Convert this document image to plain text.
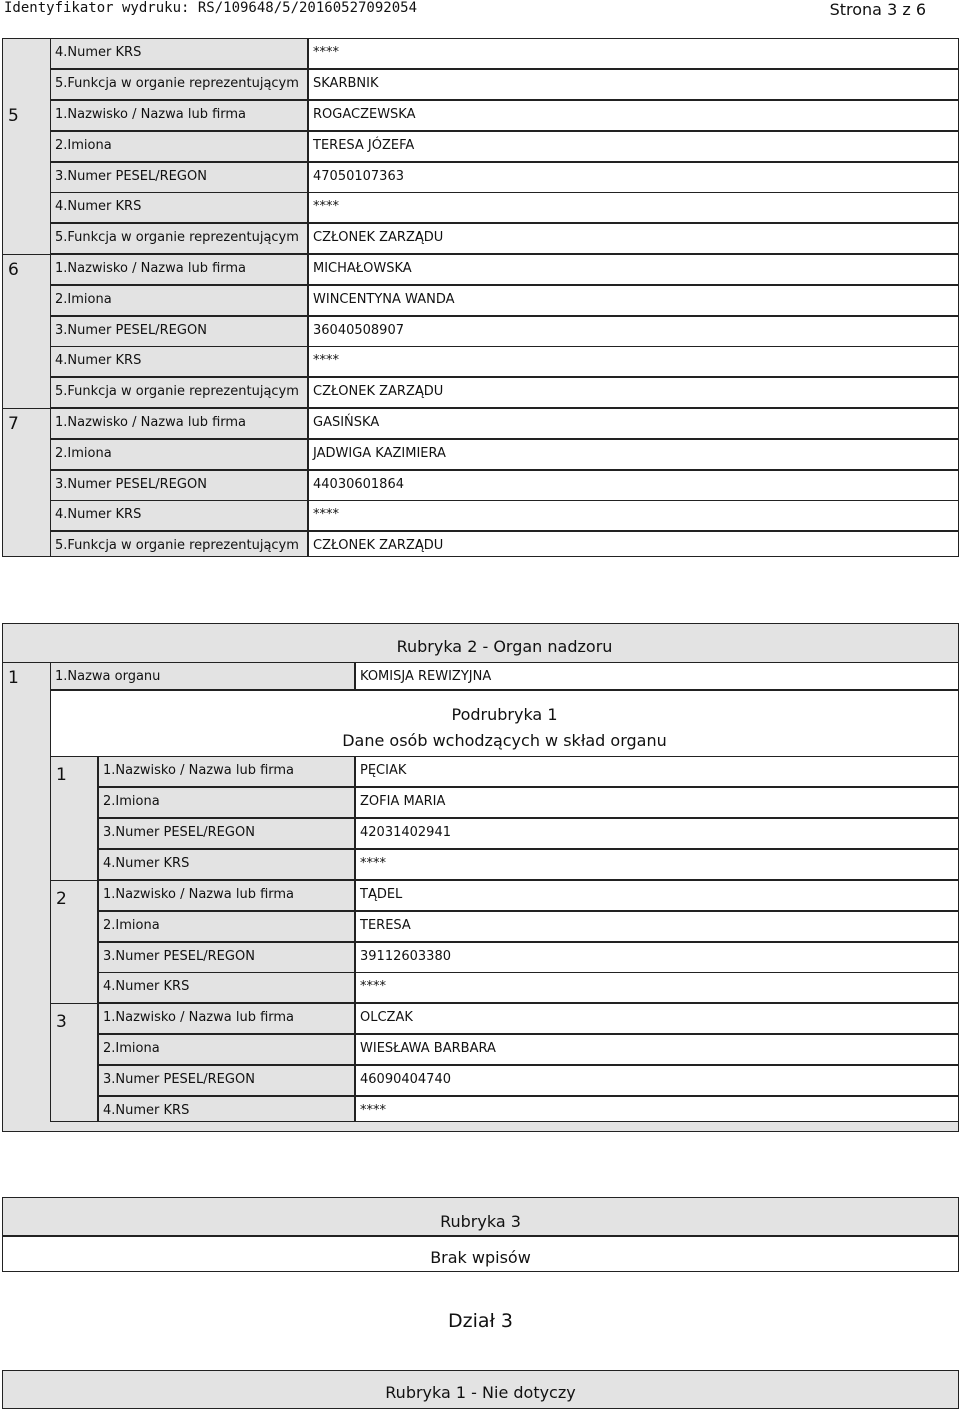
Identyfikator wydruku: RS/109648/5/20160527092054	Strona 3 z 6
4.Numer KRS	****
5.Funkcja w organie reprezentującym	SKARBNIK
5	1.Nazwisko / Nazwa lub firma	ROGACZEWSKA
2.Imiona	TERESA JÓZEFA
3.Numer PESEL/REGON	47050107363
4.Numer KRS	****
5.Funkcja w organie reprezentującym	CZŁONEK ZARZĄDU
6	1.Nazwisko / Nazwa lub firma	MICHAŁOWSKA
2.Imiona	WINCENTYNA WANDA
3.Numer PESEL/REGON	36040508907
4.Numer KRS	****
5.Funkcja w organie reprezentującym	CZŁONEK ZARZĄDU
7	1.Nazwisko / Nazwa lub firma	GASIŃSKA
2.Imiona	JADWIGA KAZIMIERA
3.Numer PESEL/REGON	44030601864
4.Numer KRS	****
5.Funkcja w organie reprezentującym	CZŁONEK ZARZĄDU
Rubryka 2 - Organ nadzoru
1	1.Nazwa organu	KOMISJA REWIZYJNA
Podrubryka 1
Dane osób wchodzących w skład organu
1	1.Nazwisko / Nazwa lub firma	PĘCIAK
2.Imiona	ZOFIA MARIA
3.Numer PESEL/REGON	42031402941
4.Numer KRS	****
2	1.Nazwisko / Nazwa lub firma	TĄDEL
2.Imiona	TERESA
3.Numer PESEL/REGON	39112603380
4.Numer KRS	****
3	1.Nazwisko / Nazwa lub firma	OLCZAK
2.Imiona	WIESŁAWA BARBARA
3.Numer PESEL/REGON	46090404740
4.Numer KRS	****
Rubryka 3
Brak wpisów
Dział 3
Rubryka 1 - Nie dotyczy
